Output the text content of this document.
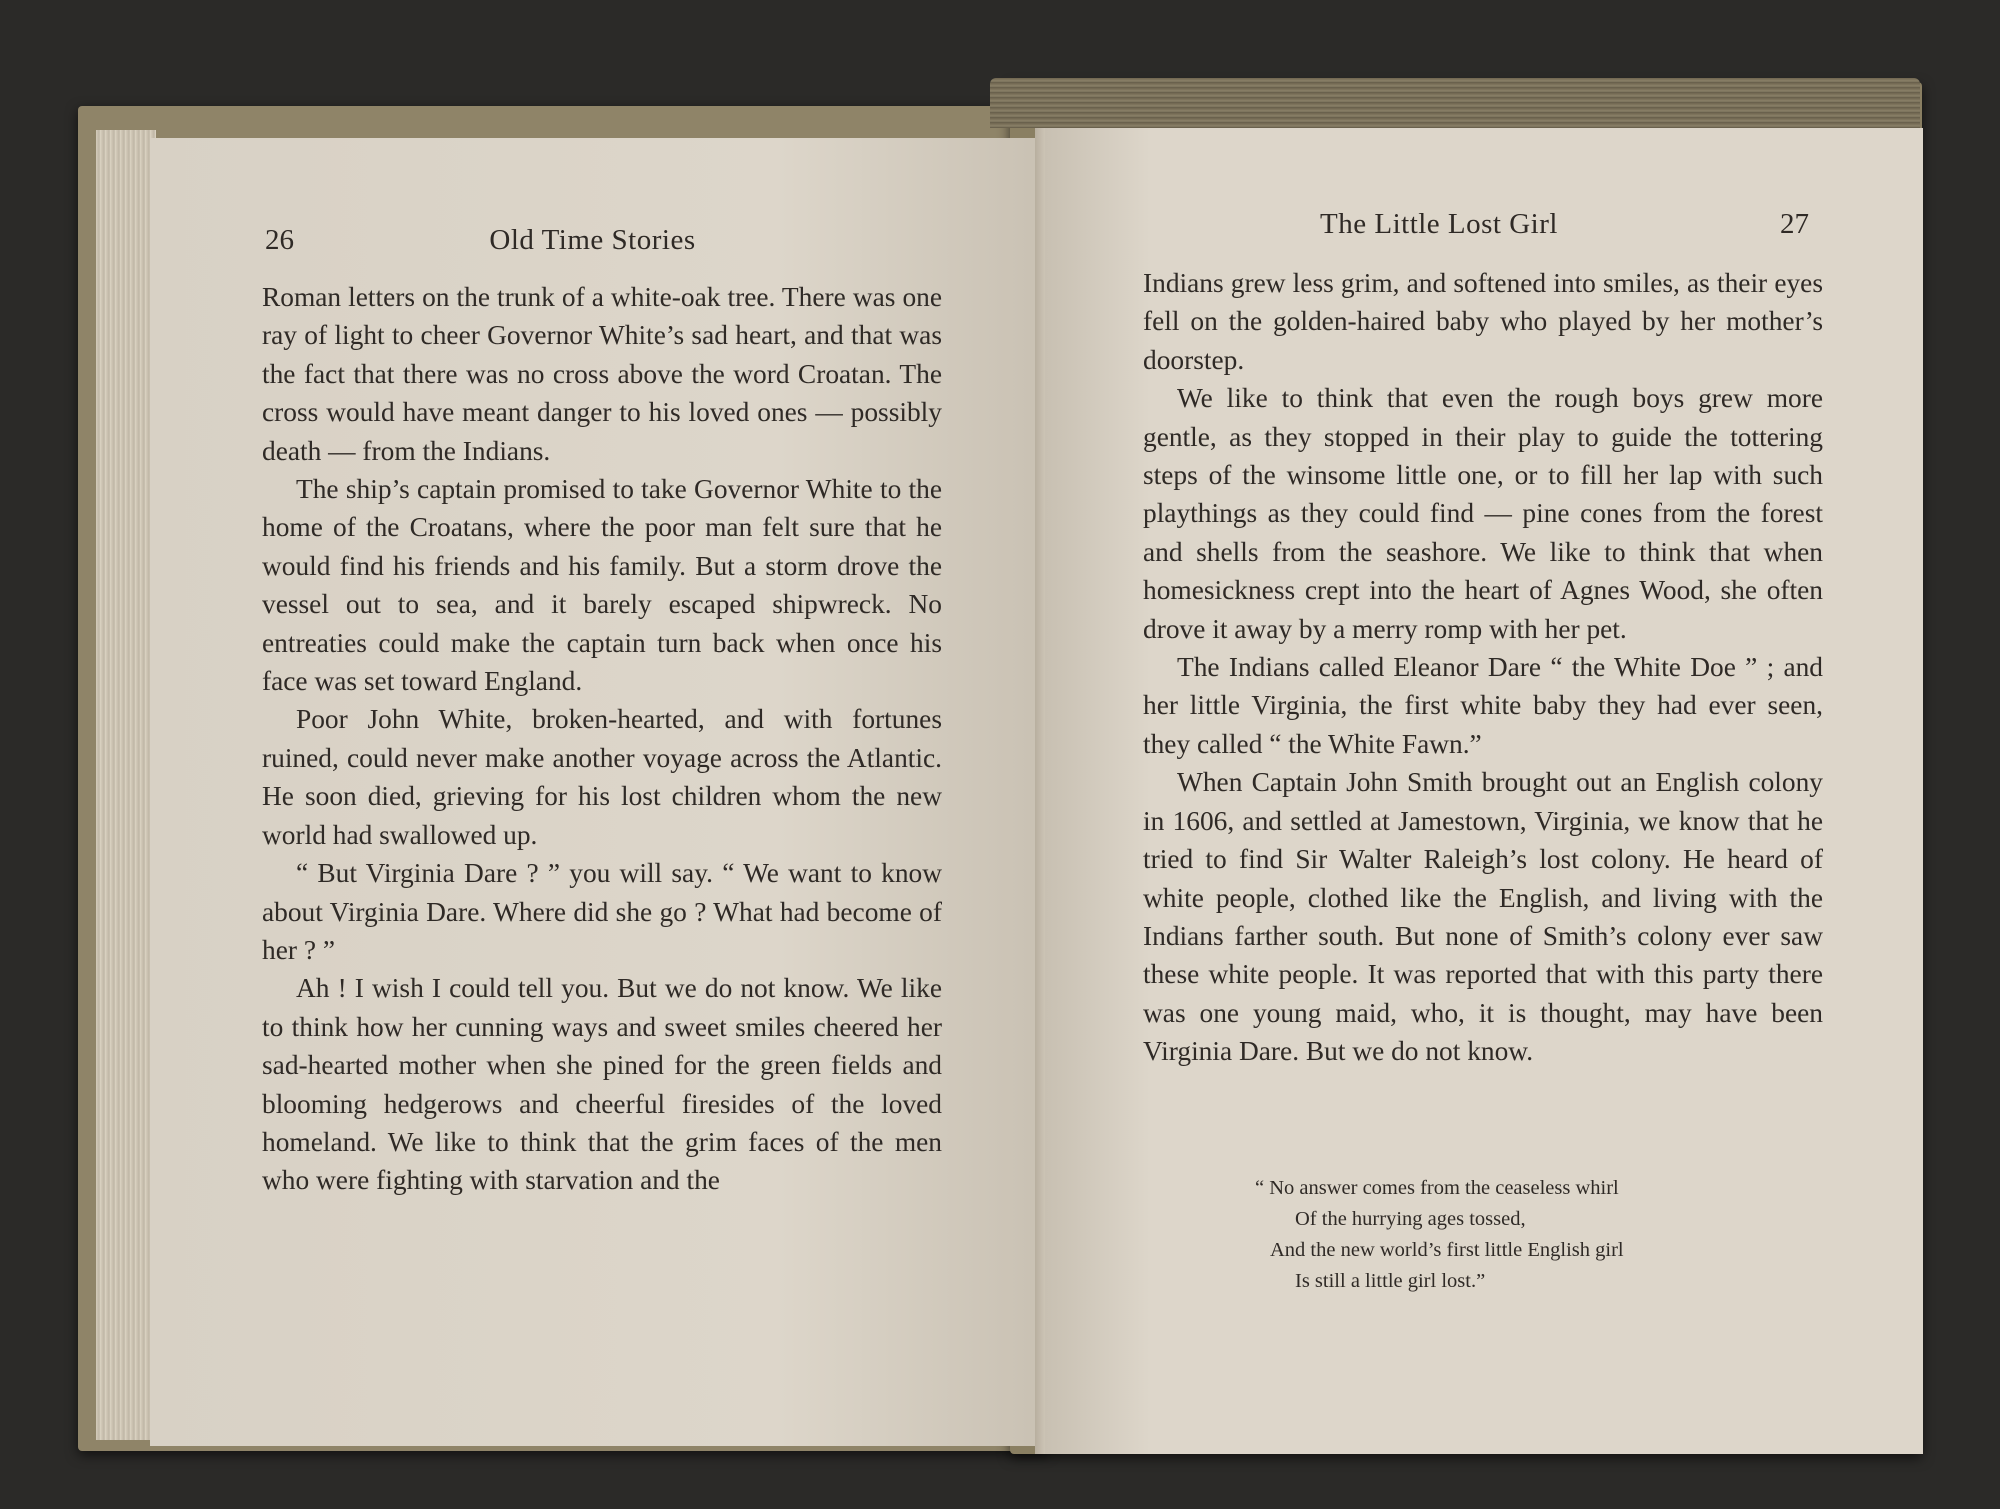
26	Old Time Stories

Roman letters on the trunk of a white-oak tree. There was one ray of light to cheer Governor White’s sad heart, and that was the fact that there was no cross above the word Croatan. The cross would have meant danger to his loved ones — possibly death — from the Indians.

The ship’s captain promised to take Governor White to the home of the Croatans, where the poor man felt sure that he would find his friends and his family. But a storm drove the vessel out to sea, and it barely escaped shipwreck. No entreaties could make the captain turn back when once his face was set toward England.

Poor John White, broken-hearted, and with fortunes ruined, could never make another voyage across the Atlantic. He soon died, grieving for his lost children whom the new world had swallowed up.

“ But Virginia Dare ? ” you will say. “ We want to know about Virginia Dare. Where did she go ? What had become of her ? ”

Ah ! I wish I could tell you. But we do not know. We like to think how her cunning ways and sweet smiles cheered her sad-hearted mother when she pined for the green fields and blooming hedgerows and cheerful firesides of the loved homeland. We like to think that the grim faces of the men who were fighting with starvation and the

The Little Lost Girl	27

Indians grew less grim, and softened into smiles, as their eyes fell on the golden-haired baby who played by her mother’s doorstep.

We like to think that even the rough boys grew more gentle, as they stopped in their play to guide the tottering steps of the winsome little one, or to fill her lap with such playthings as they could find — pine cones from the forest and shells from the seashore. We like to think that when homesickness crept into the heart of Agnes Wood, she often drove it away by a merry romp with her pet.

The Indians called Eleanor Dare “ the White Doe ” ; and her little Virginia, the first white baby they had ever seen, they called “ the White Fawn.”

When Captain John Smith brought out an English colony in 1606, and settled at Jamestown, Virginia, we know that he tried to find Sir Walter Raleigh’s lost colony. He heard of white people, clothed like the English, and living with the Indians farther south. But none of Smith’s colony ever saw these white people. It was reported that with this party there was one young maid, who, it is thought, may have been Virginia Dare. But we do not know.

“ No answer comes from the ceaseless whirl
Of the hurrying ages tossed,
And the new world’s first little English girl
Is still a little girl lost.”
